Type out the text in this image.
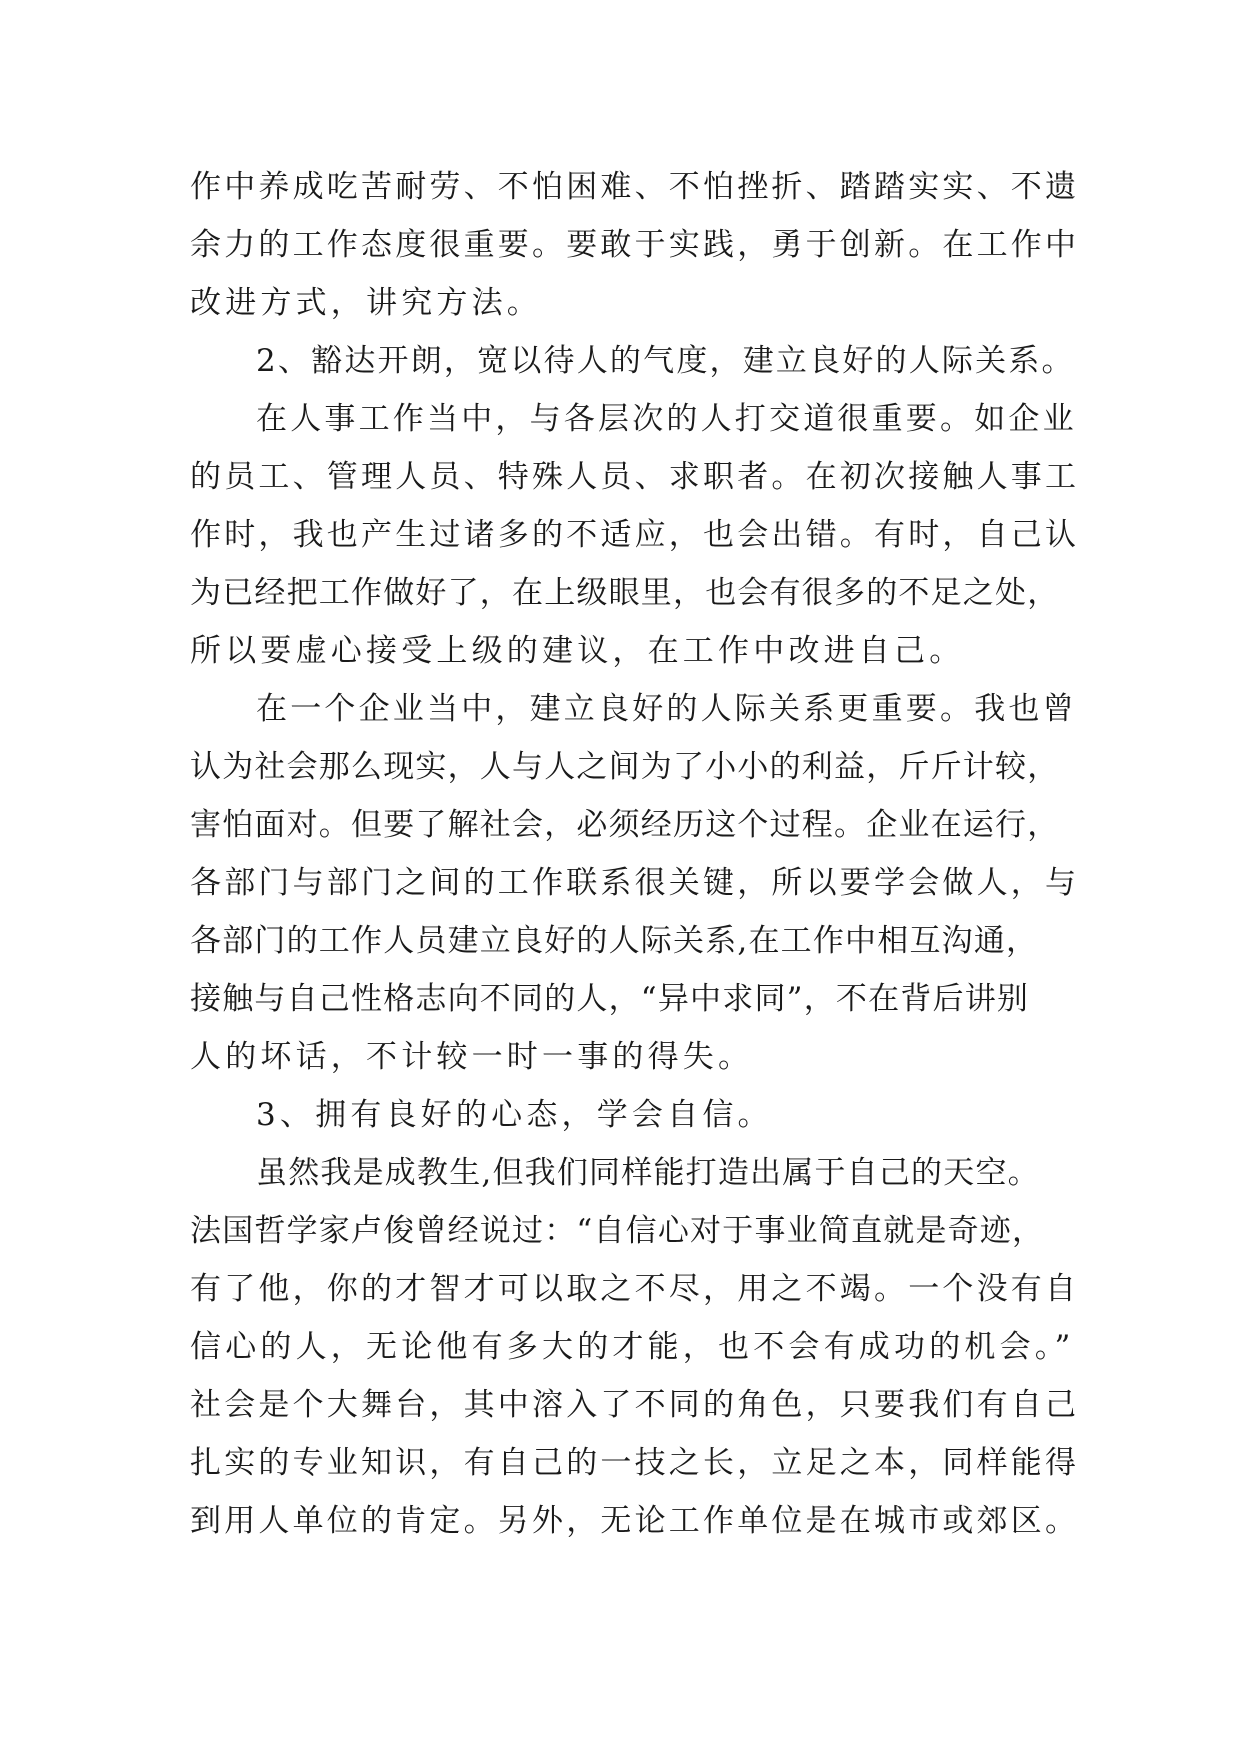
作中养成吃苦耐劳、不怕困难、不怕挫折、踏踏实实、不遗
余力的工作态度很重要。要敢于实践，勇于创新。在工作中
改进方式，讲究方法。
2、豁达开朗，宽以待人的气度，建立良好的人际关系。
在人事工作当中，与各层次的人打交道很重要。如企业
的员工、管理人员、特殊人员、求职者。在初次接触人事工
作时，我也产生过诸多的不适应，也会出错。有时，自己认
为已经把工作做好了，在上级眼里，也会有很多的不足之处，
所以要虚心接受上级的建议，在工作中改进自己。
在一个企业当中，建立良好的人际关系更重要。我也曾
认为社会那么现实，人与人之间为了小小的利益，斤斤计较，
害怕面对。但要了解社会，必须经历这个过程。企业在运行，
各部门与部门之间的工作联系很关键，所以要学会做人，与
各部门的工作人员建立良好的人际关系,在工作中相互沟通，
接触与自己性格志向不同的人，“异中求同”，不在背后讲别
人的坏话，不计较一时一事的得失。
3、拥有良好的心态，学会自信。
虽然我是成教生,但我们同样能打造出属于自己的天空。
法国哲学家卢俊曾经说过：“自信心对于事业简直就是奇迹，
有了他，你的才智才可以取之不尽，用之不竭。一个没有自
信心的人，无论他有多大的才能，也不会有成功的机会。”
社会是个大舞台，其中溶入了不同的角色，只要我们有自己
扎实的专业知识，有自己的一技之长，立足之本，同样能得
到用人单位的肯定。另外，无论工作单位是在城市或郊区。
